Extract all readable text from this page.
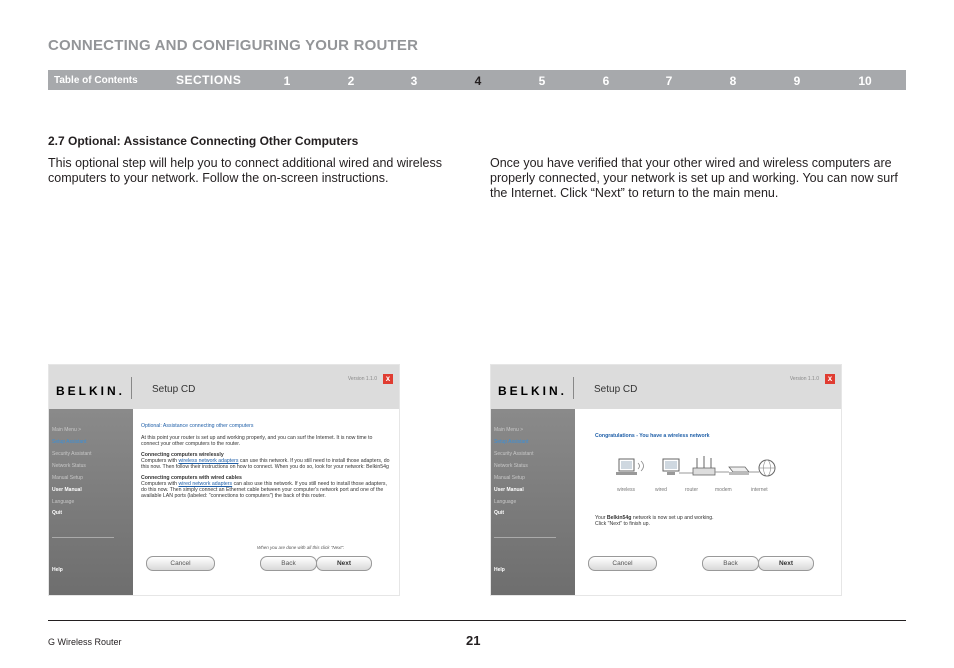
CONNECTING AND CONFIGURING YOUR ROUTER
Table of Contents	SECTIONS	1	2	3	4	5	6	7	8	9	10
2.7 Optional: Assistance Connecting Other Computers
This optional step will help you to connect additional wired and wireless computers to your network. Follow the on-screen instructions.
Once you have verified that your other wired and wireless computers are properly connected, your network is set up and working. You can now surf the Internet. Click “Next” to return to the main menu.
BELKIN.	Setup CD
Version 1.1.0	x
Main Menu >
Setup Assistant
Security Assistant
Network Status
Manual Setup
User Manual
Language
Quit
Help
Optional: Assistance connecting other computers
At this point your router is set up and working properly, and you can surf the Internet. It is now time to connect your other computers to the router.
Connecting computers wirelessly
Computers with wireless network adapters can use this network. If you still need to install those adapters, do this now. Then follow their instructions on how to connect. When you do so, look for your network: Belkin54g
Connecting computers with wired cables
Computers with wired network adapters can also use this network. If you still need to install those adapters, do this now. Then simply connect an Ethernet cable between your computer's network port and one of the available LAN ports (labeled: "connections to computers") the back of this router.
When you are done with all this click "Next".
Cancel	Back	Next
BELKIN.	Setup CD
Version 1.1.0	x
Main Menu >
Setup Assistant
Security Assistant
Network Status
Manual Setup
User Manual
Language
Quit
Help
Congratulations - You have a wireless network
wireless	wired	router	modem	internet
Your Belkin54g network is now set up and working.
Click "Next" to finish up.
Cancel	Back	Next
G Wireless Router	21
